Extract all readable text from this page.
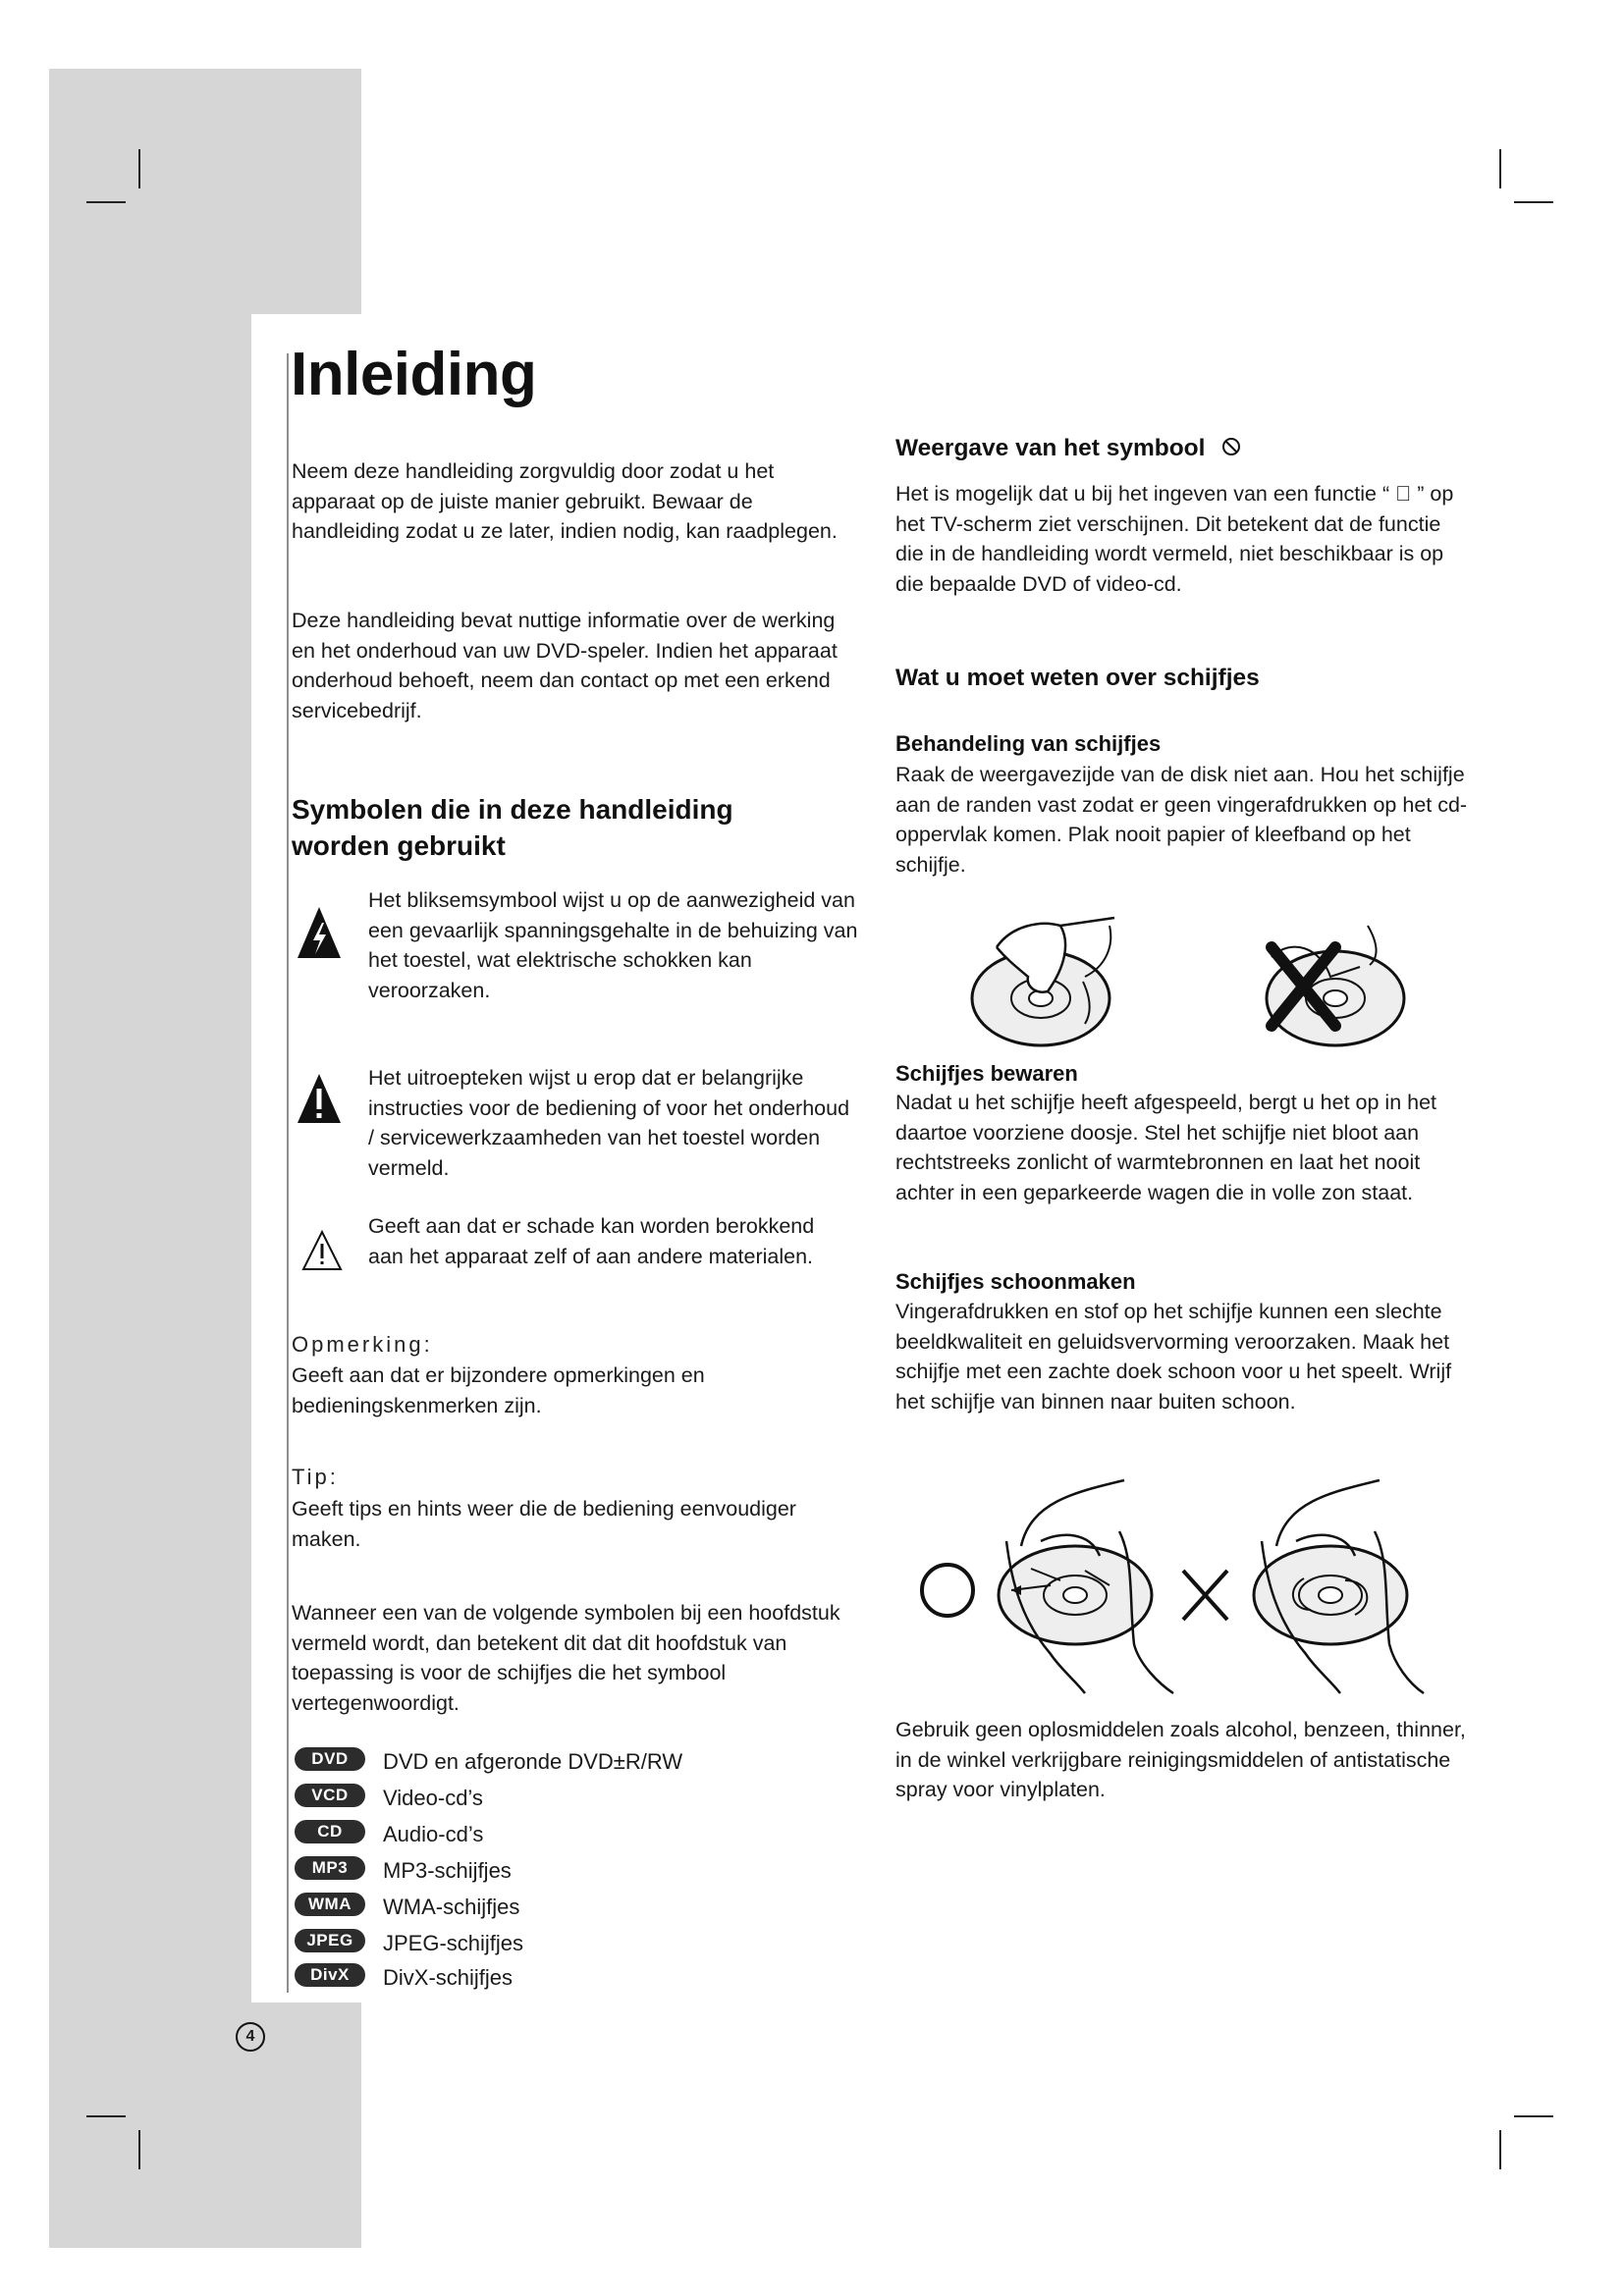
Inleiding
Neem deze handleiding zorgvuldig door zodat u het apparaat op de juiste manier gebruikt. Bewaar de handleiding zodat u ze later, indien nodig, kan raadplegen.
Deze handleiding bevat nuttige informatie over de werking en het onderhoud van uw DVD-speler. Indien het apparaat onderhoud behoeft, neem dan contact op met een erkend servicebedrijf.
Symbolen die in deze handleiding worden gebruikt
Het bliksemsymbool wijst u op de aanwezigheid van een gevaarlijk spanningsgehalte in de behuizing van het toestel, wat elektrische schokken kan veroorzaken.
Het uitroepteken wijst u erop dat er belangrijke instructies voor de bediening of voor het onderhoud / servicewerkzaamheden van het toestel worden vermeld.
Geeft aan dat er schade kan worden berokkend aan het apparaat zelf of aan andere materialen.
Opmerking:
Geeft aan dat er bijzondere opmerkingen en bedieningskenmerken zijn.
Tip:
Geeft tips en hints weer die de bediening eenvoudiger maken.
Wanneer een van de volgende symbolen bij een hoofdstuk vermeld wordt, dan betekent dit dat dit hoofdstuk van toepassing is voor de schijfjes die het symbool vertegenwoordigt.
DVD	DVD en afgeronde DVD±R/RW
VCD	Video-cd’s
CD	Audio-cd’s
MP3	MP3-schijfjes
WMA	WMA-schijfjes
JPEG	JPEG-schijfjes
DivX	DivX-schijfjes
4
Weergave van het symbool
Het is mogelijk dat u bij het ingeven van een functie “ ⃠ ” op het TV-scherm ziet verschijnen. Dit betekent dat de functie die in de handleiding wordt vermeld, niet beschikbaar is op die bepaalde DVD of video-cd.
Wat u moet weten over schijfjes
Behandeling van schijfjes
Raak de weergavezijde van de disk niet aan. Hou het schijfje aan de randen vast zodat er geen vingerafdrukken op het cd-oppervlak komen. Plak nooit papier of kleefband op het schijfje.
Schijfjes bewaren
Nadat u het schijfje heeft afgespeeld, bergt u het op in het daartoe voorziene doosje. Stel het schijfje niet bloot aan rechtstreeks zonlicht of warmtebronnen en laat het nooit achter in een geparkeerde wagen die in volle zon staat.
Schijfjes schoonmaken
Vingerafdrukken en stof op het schijfje kunnen een slechte beeldkwaliteit en geluidsvervorming veroorzaken. Maak het schijfje met een zachte doek schoon voor u het speelt. Wrijf het schijfje van binnen naar buiten schoon.
Gebruik geen oplosmiddelen zoals alcohol, benzeen, thinner, in de winkel verkrijgbare reinigingsmiddelen of antistatische spray voor vinylplaten.
